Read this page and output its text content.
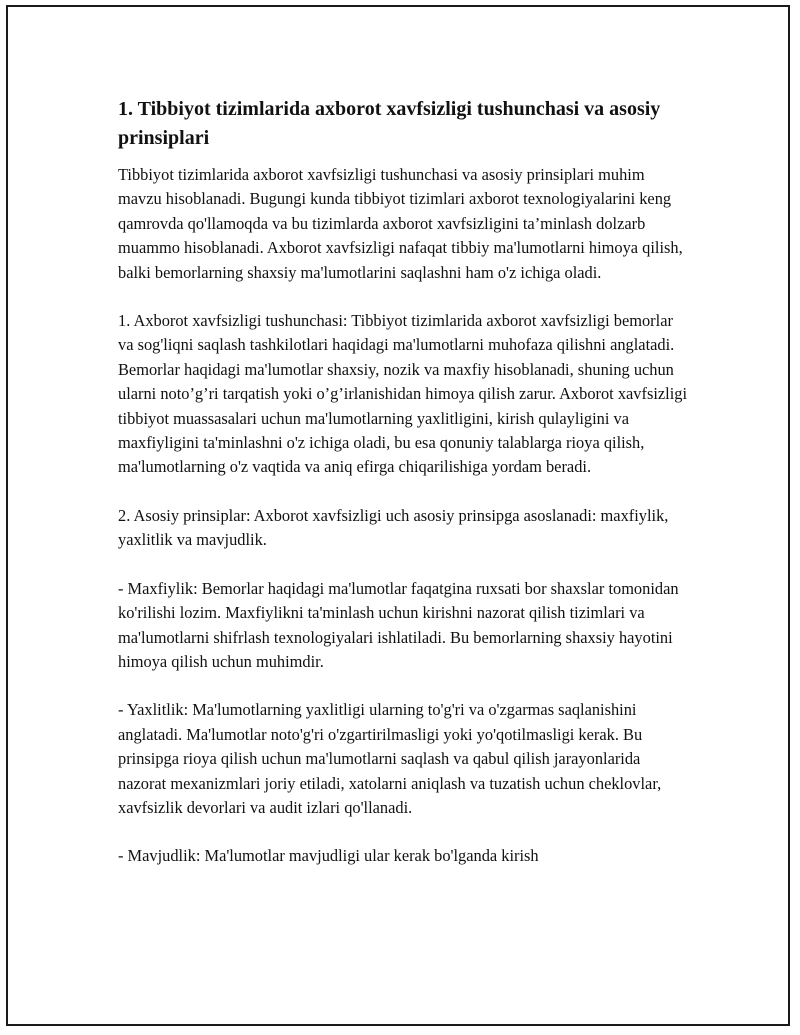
1. Tibbiyot tizimlarida axborot xavfsizligi tushunchasi va asosiy prinsiplari

Tibbiyot tizimlarida axborot xavfsizligi tushunchasi va asosiy prinsiplari muhim mavzu hisoblanadi. Bugungi kunda tibbiyot tizimlari axborot texnologiyalarini keng qamrovda qo'llamoqda va bu tizimlarda axborot xavfsizligini ta’minlash dolzarb muammo hisoblanadi. Axborot xavfsizligi nafaqat tibbiy ma'lumotlarni himoya qilish, balki bemorlarning shaxsiy ma'lumotlarini saqlashni ham o'z ichiga oladi.

1. Axborot xavfsizligi tushunchasi: Tibbiyot tizimlarida axborot xavfsizligi bemorlar va sog'liqni saqlash tashkilotlari haqidagi ma'lumotlarni muhofaza qilishni anglatadi. Bemorlar haqidagi ma'lumotlar shaxsiy, nozik va maxfiy hisoblanadi, shuning uchun ularni noto’g’ri tarqatish yoki o’g’irlanishidan himoya qilish zarur. Axborot xavfsizligi tibbiyot muassasalari uchun ma'lumotlarning yaxlitligini, kirish qulayligini va maxfiyligini ta'minlashni o'z ichiga oladi, bu esa qonuniy talablarga rioya qilish, ma'lumotlarning o'z vaqtida va aniq efirga chiqarilishiga yordam beradi.

2. Asosiy prinsiplar: Axborot xavfsizligi uch asosiy prinsipga asoslanadi: maxfiylik, yaxlitlik va mavjudlik.

- Maxfiylik: Bemorlar haqidagi ma'lumotlar faqatgina ruxsati bor shaxslar tomonidan ko'rilishi lozim. Maxfiylikni ta'minlash uchun kirishni nazorat qilish tizimlari va ma'lumotlarni shifrlash texnologiyalari ishlatiladi. Bu bemorlarning shaxsiy hayotini himoya qilish uchun muhimdir.

- Yaxlitlik: Ma'lumotlarning yaxlitligi ularning to'g'ri va o'zgarmas saqlanishini anglatadi. Ma'lumotlar noto'g'ri o'zgartirilmasligi yoki yo'qotilmasligi kerak. Bu prinsipga rioya qilish uchun ma'lumotlarni saqlash va qabul qilish jarayonlarida nazorat mexanizmlari joriy etiladi, xatolarni aniqlash va tuzatish uchun cheklovlar, xavfsizlik devorlari va audit izlari qo'llanadi.

- Mavjudlik: Ma'lumotlar mavjudligi ular kerak bo'lganda kirish
